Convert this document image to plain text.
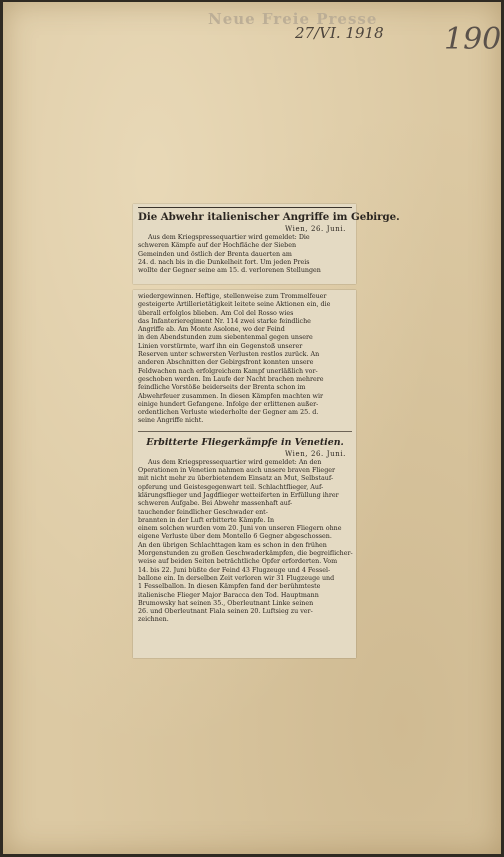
Neue Freie Presse
27/VI. 1918 190
Die Abwehr italienischer Angriffe im Gebirge.
Wien, 26. Juni.
Aus dem Kriegspressequartier wird gemeldet: Die
schweren Kämpfe auf der Hochfläche der Sieben
Gemeinden und östlich der Brenta dauerten am
24. d. nach bis in die Dunkelheit fort. Um jeden Preis
wollte der Gegner seine am 15. d. verlorenen Stellungen
wiedergewinnen. Heftige, stellenweise zum Trommelfeuer
gesteigerte Artillerietätigkeit leitete seine Aktionen ein, die
überall erfolglos blieben. Am Col del Rosso wies
das Infanterieregiment Nr. 114 zwei starke feindliche
Angriffe ab. Am Monte Asolone, wo der Feind
in den Abendstunden zum siebentenmal gegen unsere
Linien vorstürmte, warf ihn ein Gegenstoß unserer
Reserven unter schwersten Verlusten restlos zurück. An
anderen Abschnitten der Gebirgsfront konnten unsere
Feldwachen nach erfolgreichem Kampf unerläßlich vor-
geschoben werden. Im Laufe der Nacht brachen mehrere
feindliche Vorstöße beiderseits der Brenta schon im
Abwehrfeuer zusammen. In diesen Kämpfen machten wir
einige hundert Gefangene. Infolge der erlittenen außer-
ordentlichen Verluste wiederholte der Gegner am 25. d.
seine Angriffe nicht.
Erbitterte Fliegerkämpfe in Venetien.
Wien, 26. Juni.
Aus dem Kriegspressequartier wird gemeldet: An den
Operationen in Venetien nahmen auch unsere braven Flieger
mit nicht mehr zu überbietendem Einsatz an Mut, Selbstauf-
opferung und Geistesgegenwart teil. Schlachtflieger, Auf-
klärungsflieger und Jagdflieger wetteiferten in Erfüllung ihrer
schweren Aufgabe. Bei Abwehr massenhaft auf-
tauchender feindlicher Geschwader ent-
brannten in der Luft erbitterte Kämpfe. In
einem solchen wurden vom 20. Juni von unseren Fliegern ohne
eigene Verluste über dem Montello 6 Gegner abgeschossen.
An den übrigen Schlachttagen kam es schon in den frühen
Morgenstunden zu großen Geschwaderkämpfen, die begreiflicher-
weise auf beiden Seiten beträchtliche Opfer erforderten. Vom
14. bis 22. Juni büßte der Feind 43 Flugzeuge und 4 Fessel-
ballone ein. In derselben Zeit verloren wir 31 Flugzeuge und
1 Fesselballon. In diesen Kämpfen fand der berühmteste
italienische Flieger Major Baracca den Tod. Hauptmann
Brumowsky hat seinen 35., Oberleutnant Linke seinen
26. und Oberleutnant Fiala seinen 20. Luftsieg zu ver-
zeichnen.
